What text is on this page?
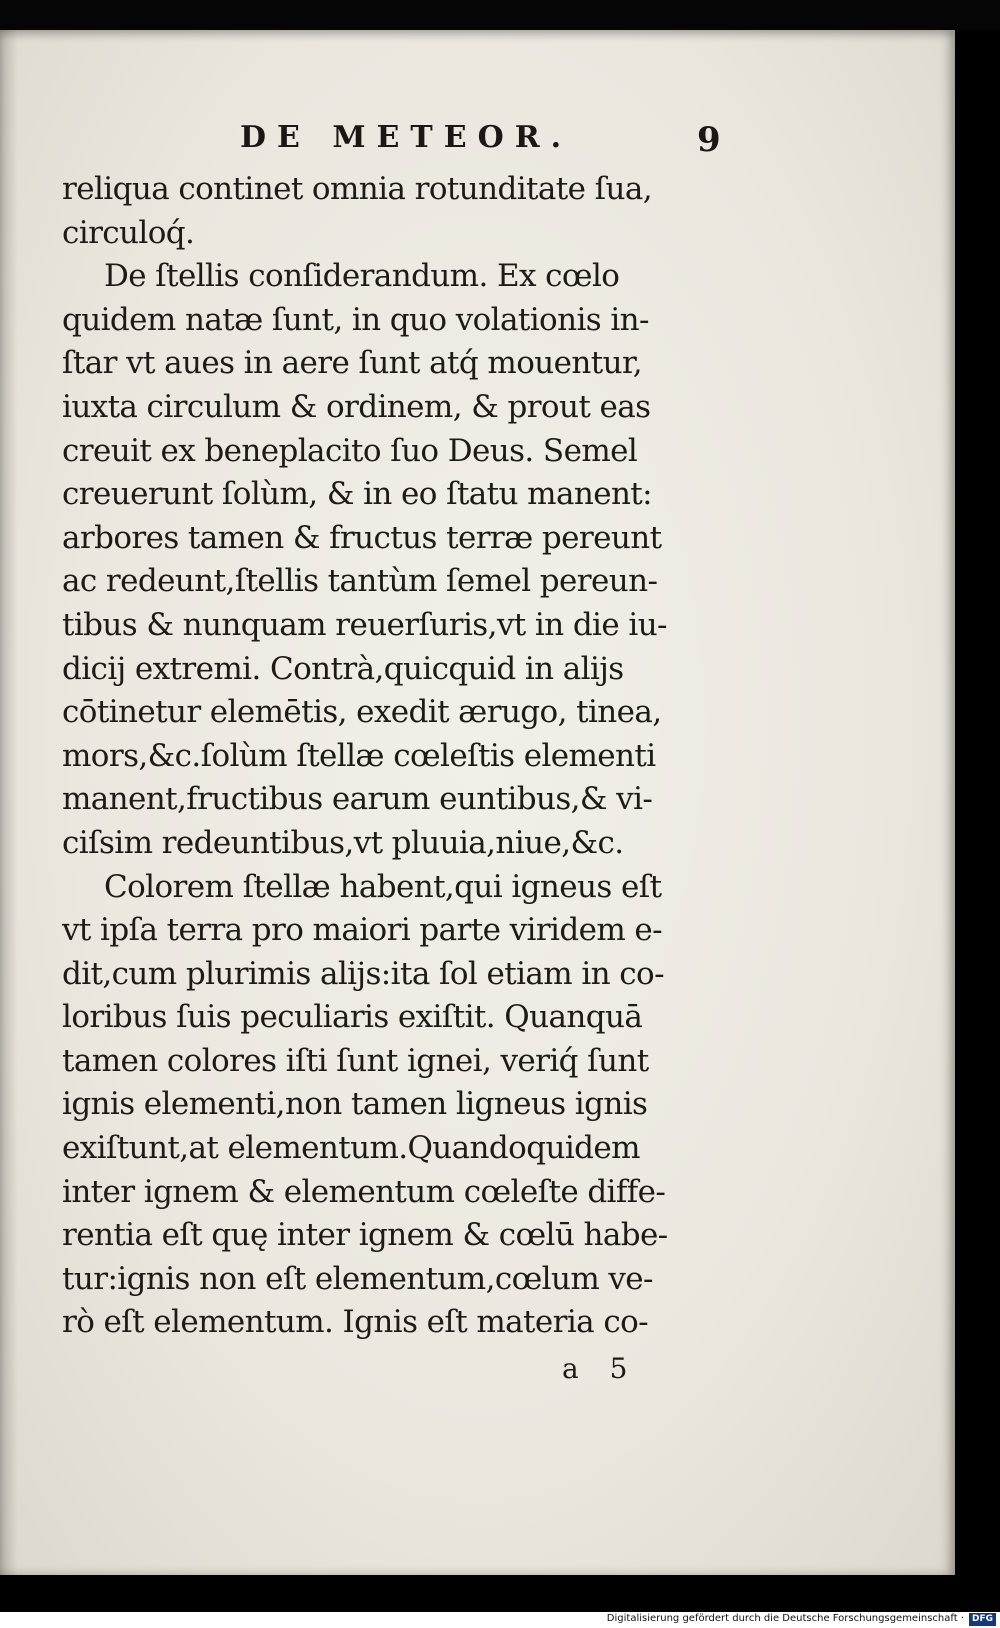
DE METEOR.	9
reliqua continet omnia rotunditate ſua,
circuloq́.
De ſtellis conſiderandum. Ex cœlo
quidem natæ ſunt, in quo volationis in-
ſtar vt aues in aere ſunt atq́ mouentur,
iuxta circulum & ordinem, & prout eas
creuit ex beneplacito ſuo Deus. Semel
creuerunt ſolùm, & in eo ſtatu manent:
arbores tamen & fructus terræ pereunt
ac redeunt,ſtellis tantùm ſemel pereun-
tibus & nunquam reuerſuris,vt in die iu-
dicij extremi. Contrà,quicquid in alijs
cōtinetur elemētis, exedit ærugo, tinea,
mors,&c.ſolùm ſtellæ cœleſtis elementi
manent,fructibus earum euntibus,& vi-
ciſsim redeuntibus,vt pluuia,niue,&c.
Colorem ſtellæ habent,qui igneus eſt
vt ipſa terra pro maiori parte viridem e-
dit,cum plurimis alijs:ita ſol etiam in co-
loribus ſuis peculiaris exiſtit. Quanquā
tamen colores iſti ſunt ignei, veriq́ ſunt
ignis elementi,non tamen ligneus ignis
exiſtunt,at elementum.Quandoquidem
inter ignem & elementum cœleſte diffe-
rentia eſt quę inter ignem & cœlū habe-
tur:ignis non eſt elementum,cœlum ve-
rò eſt elementum. Ignis eſt materia co-
a 5
Digitalisierung gefördert durch die Deutsche Forschungsgemeinschaft · DFG
